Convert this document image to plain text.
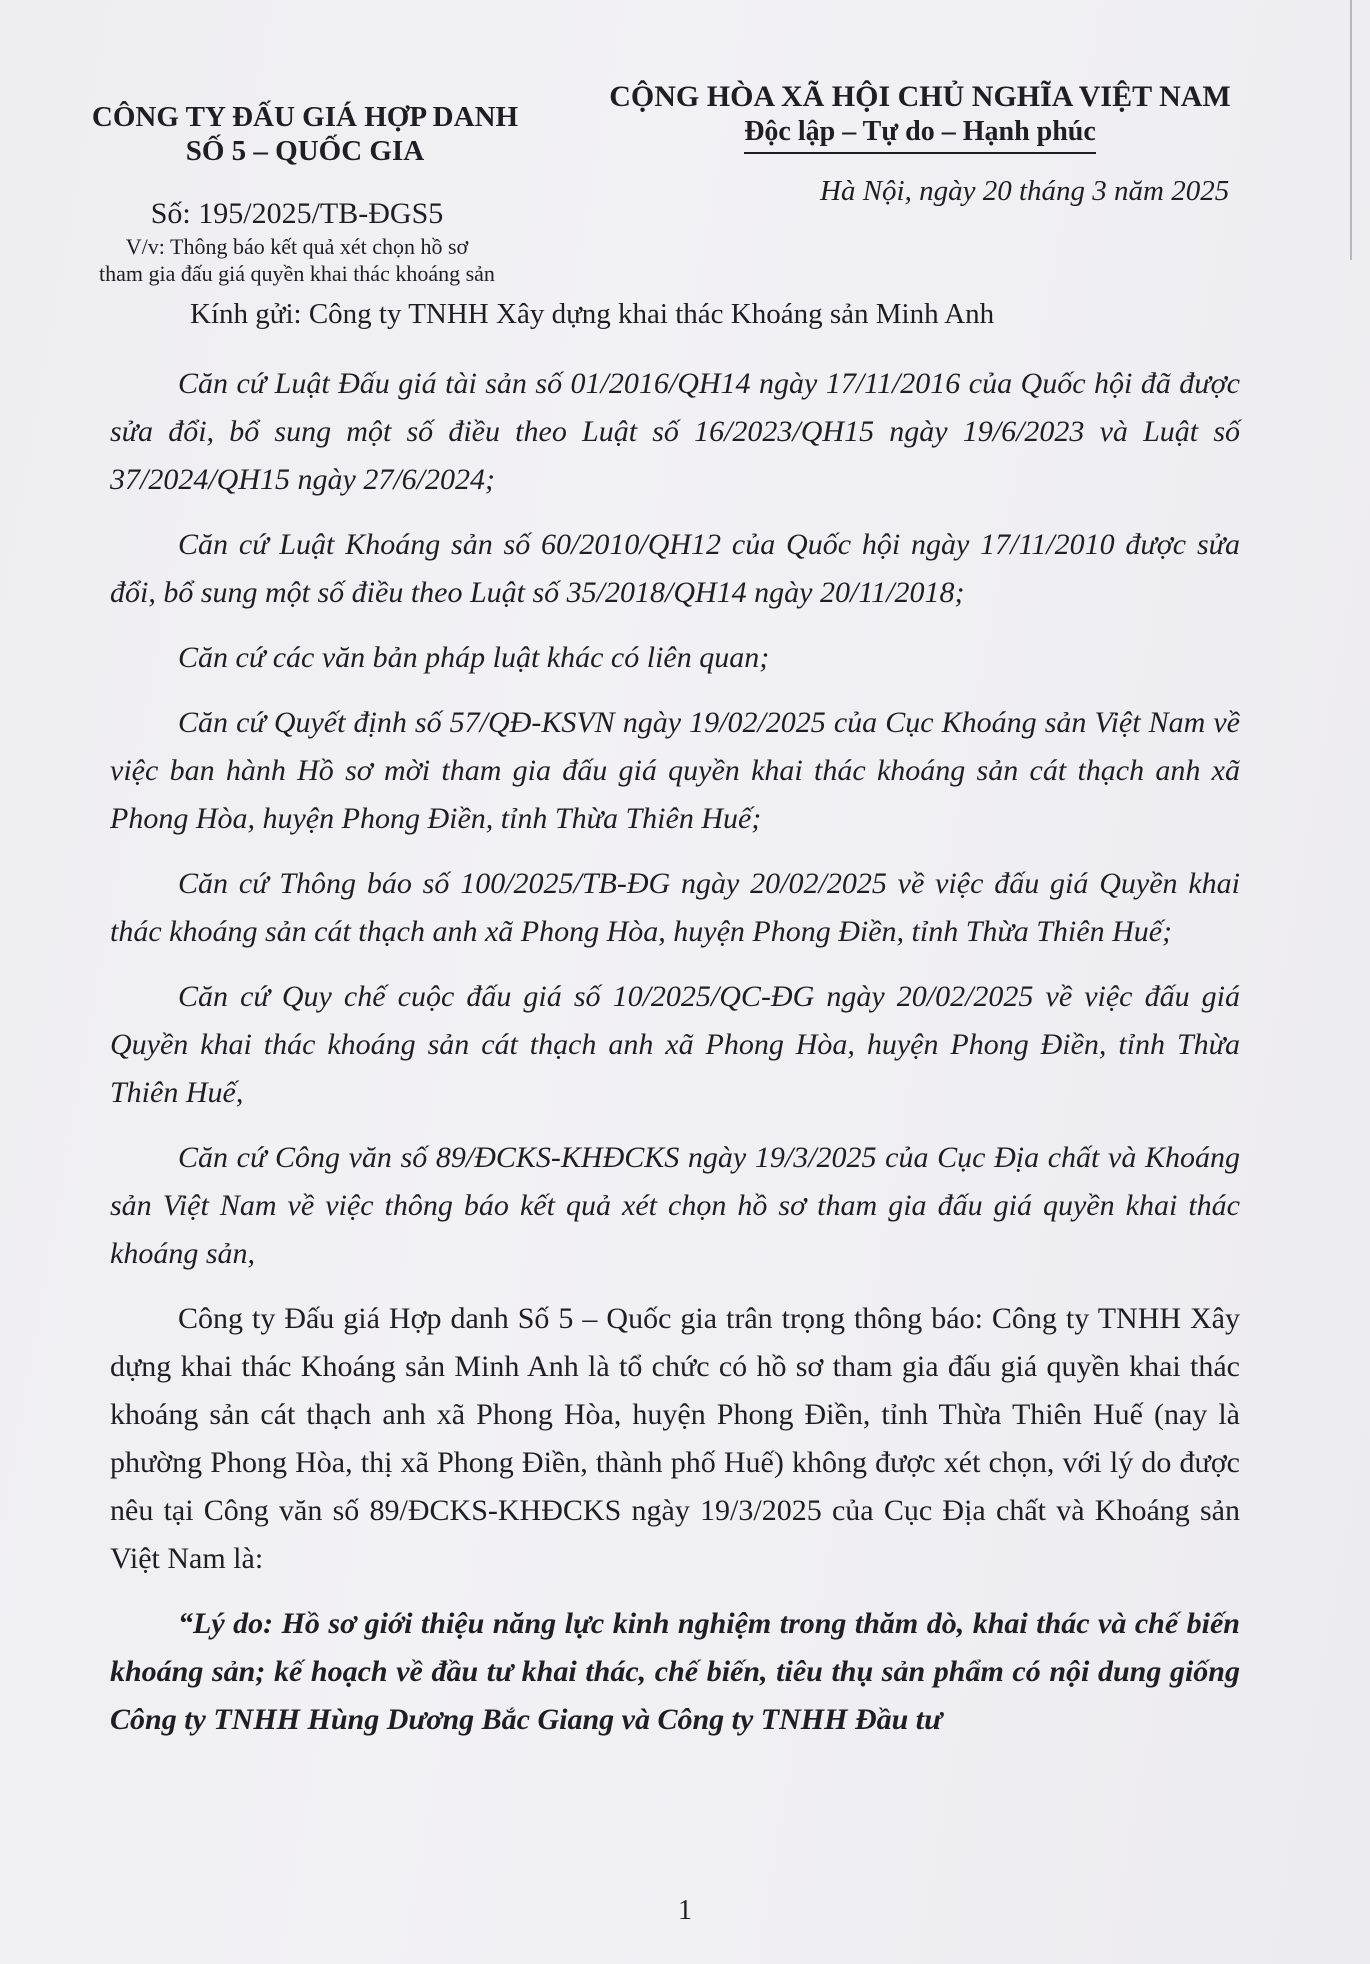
CÔNG TY ĐẤU GIÁ HỢP DANH
SỐ 5 – QUỐC GIA
CỘNG HÒA XÃ HỘI CHỦ NGHĨA VIỆT NAM
Độc lập – Tự do – Hạnh phúc
Số: 195/2025/TB-ĐGS5
V/v: Thông báo kết quả xét chọn hồ sơ
tham gia đấu giá quyền khai thác khoáng sản
Hà Nội, ngày 20 tháng 3 năm 2025
Kính gửi: Công ty TNHH Xây dựng khai thác Khoáng sản Minh Anh

Căn cứ Luật Đấu giá tài sản số 01/2016/QH14 ngày 17/11/2016 của Quốc hội đã được sửa đổi, bổ sung một số điều theo Luật số 16/2023/QH15 ngày 19/6/2023 và Luật số 37/2024/QH15 ngày 27/6/2024;

Căn cứ Luật Khoáng sản số 60/2010/QH12 của Quốc hội ngày 17/11/2010 được sửa đổi, bổ sung một số điều theo Luật số 35/2018/QH14 ngày 20/11/2018;

Căn cứ các văn bản pháp luật khác có liên quan;

Căn cứ Quyết định số 57/QĐ-KSVN ngày 19/02/2025 của Cục Khoáng sản Việt Nam về việc ban hành Hồ sơ mời tham gia đấu giá quyền khai thác khoáng sản cát thạch anh xã Phong Hòa, huyện Phong Điền, tỉnh Thừa Thiên Huế;

Căn cứ Thông báo số 100/2025/TB-ĐG ngày 20/02/2025 về việc đấu giá Quyền khai thác khoáng sản cát thạch anh xã Phong Hòa, huyện Phong Điền, tỉnh Thừa Thiên Huế;

Căn cứ Quy chế cuộc đấu giá số 10/2025/QC-ĐG ngày 20/02/2025 về việc đấu giá Quyền khai thác khoáng sản cát thạch anh xã Phong Hòa, huyện Phong Điền, tỉnh Thừa Thiên Huế,

Căn cứ Công văn số 89/ĐCKS-KHĐCKS ngày 19/3/2025 của Cục Địa chất và Khoáng sản Việt Nam về việc thông báo kết quả xét chọn hồ sơ tham gia đấu giá quyền khai thác khoáng sản,

Công ty Đấu giá Hợp danh Số 5 – Quốc gia trân trọng thông báo: Công ty TNHH Xây dựng khai thác Khoáng sản Minh Anh là tổ chức có hồ sơ tham gia đấu giá quyền khai thác khoáng sản cát thạch anh xã Phong Hòa, huyện Phong Điền, tỉnh Thừa Thiên Huế (nay là phường Phong Hòa, thị xã Phong Điền, thành phố Huế) không được xét chọn, với lý do được nêu tại Công văn số 89/ĐCKS-KHĐCKS ngày 19/3/2025 của Cục Địa chất và Khoáng sản Việt Nam là:

“Lý do: Hồ sơ giới thiệu năng lực kinh nghiệm trong thăm dò, khai thác và chế biến khoáng sản; kế hoạch về đầu tư khai thác, chế biến, tiêu thụ sản phẩm có nội dung giống Công ty TNHH Hùng Dương Bắc Giang và Công ty TNHH Đầu tư

1
